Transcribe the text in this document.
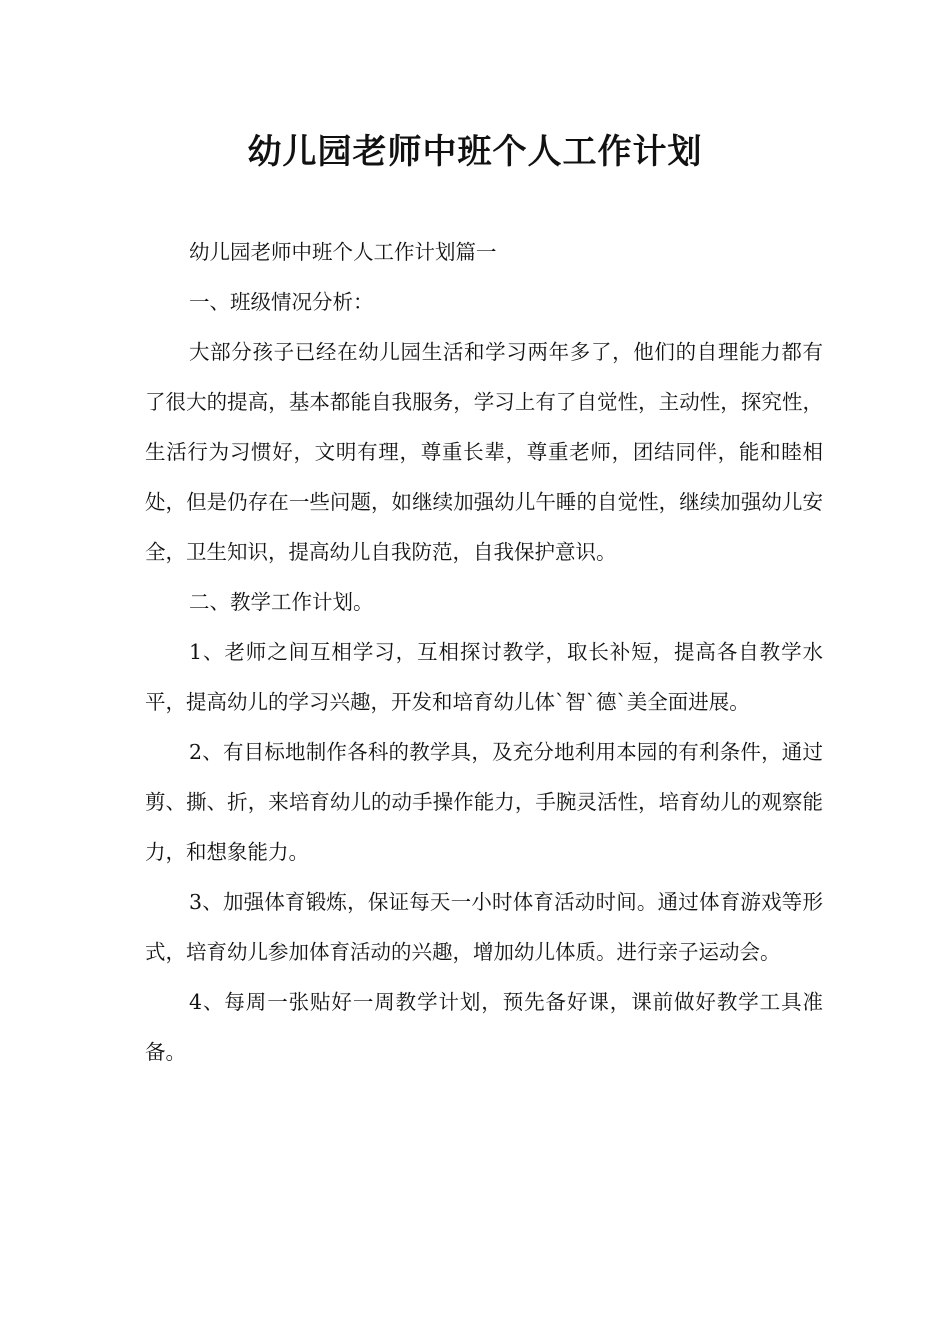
幼儿园老师中班个人工作计划

幼儿园老师中班个人工作计划篇一

一、班级情况分析：

大部分孩子已经在幼儿园生活和学习两年多了，他们的自理能力都有了很大的提高，基本都能自我服务，学习上有了自觉性，主动性，探究性，生活行为习惯好，文明有理，尊重长辈，尊重老师，团结同伴，能和睦相处，但是仍存在一些问题，如继续加强幼儿午睡的自觉性，继续加强幼儿安全，卫生知识，提高幼儿自我防范，自我保护意识。

二、教学工作计划。

1、老师之间互相学习，互相探讨教学，取长补短，提高各自教学水平，提高幼儿的学习兴趣，开发和培育幼儿体`智`德`美全面进展。

2、有目标地制作各科的教学具，及充分地利用本园的有利条件，通过剪、撕、折，来培育幼儿的动手操作能力，手腕灵活性，培育幼儿的观察能力，和想象能力。

3、加强体育锻炼，保证每天一小时体育活动时间。通过体育游戏等形式，培育幼儿参加体育活动的兴趣，增加幼儿体质。进行亲子运动会。

4、每周一张贴好一周教学计划，预先备好课，课前做好教学工具准备。
